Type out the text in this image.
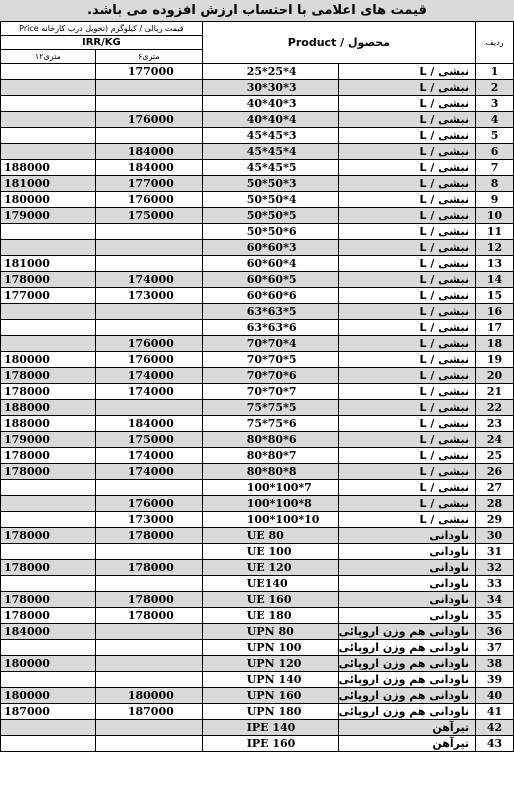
قیمت های اعلامی با احتساب ارزش افزوده می باشد.
قیمت ریالی / کیلوگرم (تحویل درب کارخانه Price		Product / محصول		ردیف
IRR/KG				
۱۲متری	۶متری			
	177000	25*25*4	نبشی / L	1
		30*30*3	نبشی / L	2
		40*40*3	نبشی / L	3
	176000	40*40*4	نبشی / L	4
		45*45*3	نبشی / L	5
	184000	45*45*4	نبشی / L	6
188000	184000	45*45*5	نبشی / L	7
181000	177000	50*50*3	نبشی / L	8
180000	176000	50*50*4	نبشی / L	9
179000	175000	50*50*5	نبشی / L	10
		50*50*6	نبشی / L	11
		60*60*3	نبشی / L	12
181000		60*60*4	نبشی / L	13
178000	174000	60*60*5	نبشی / L	14
177000	173000	60*60*6	نبشی / L	15
		63*63*5	نبشی / L	16
		63*63*6	نبشی / L	17
	176000	70*70*4	نبشی / L	18
180000	176000	70*70*5	نبشی / L	19
178000	174000	70*70*6	نبشی / L	20
178000	174000	70*70*7	نبشی / L	21
188000		75*75*5	نبشی / L	22
188000	184000	75*75*6	نبشی / L	23
179000	175000	80*80*6	نبشی / L	24
178000	174000	80*80*7	نبشی / L	25
178000	174000	80*80*8	نبشی / L	26
		100*100*7	نبشی / L	27
	176000	100*100*8	نبشی / L	28
	173000	100*100*10	نبشی / L	29
178000	178000	UE 80	ناودانی	30
		UE 100	ناودانی	31
178000	178000	UE 120	ناودانی	32
		UE140	ناودانی	33
178000	178000	UE 160	ناودانی	34
178000	178000	UE 180	ناودانی	35
184000		UPN 80	ناودانی هم وزن اروپائی	36
		UPN 100	ناودانی هم وزن اروپائی	37
180000		UPN 120	ناودانی هم وزن اروپائی	38
		UPN 140	ناودانی هم وزن اروپائی	39
180000	180000	UPN 160	ناودانی هم وزن اروپائی	40
187000	187000	UPN 180	ناودانی هم وزن اروپائی	41
		IPE 140	تیرآهن	42
		IPE 160	تیرآهن	43
